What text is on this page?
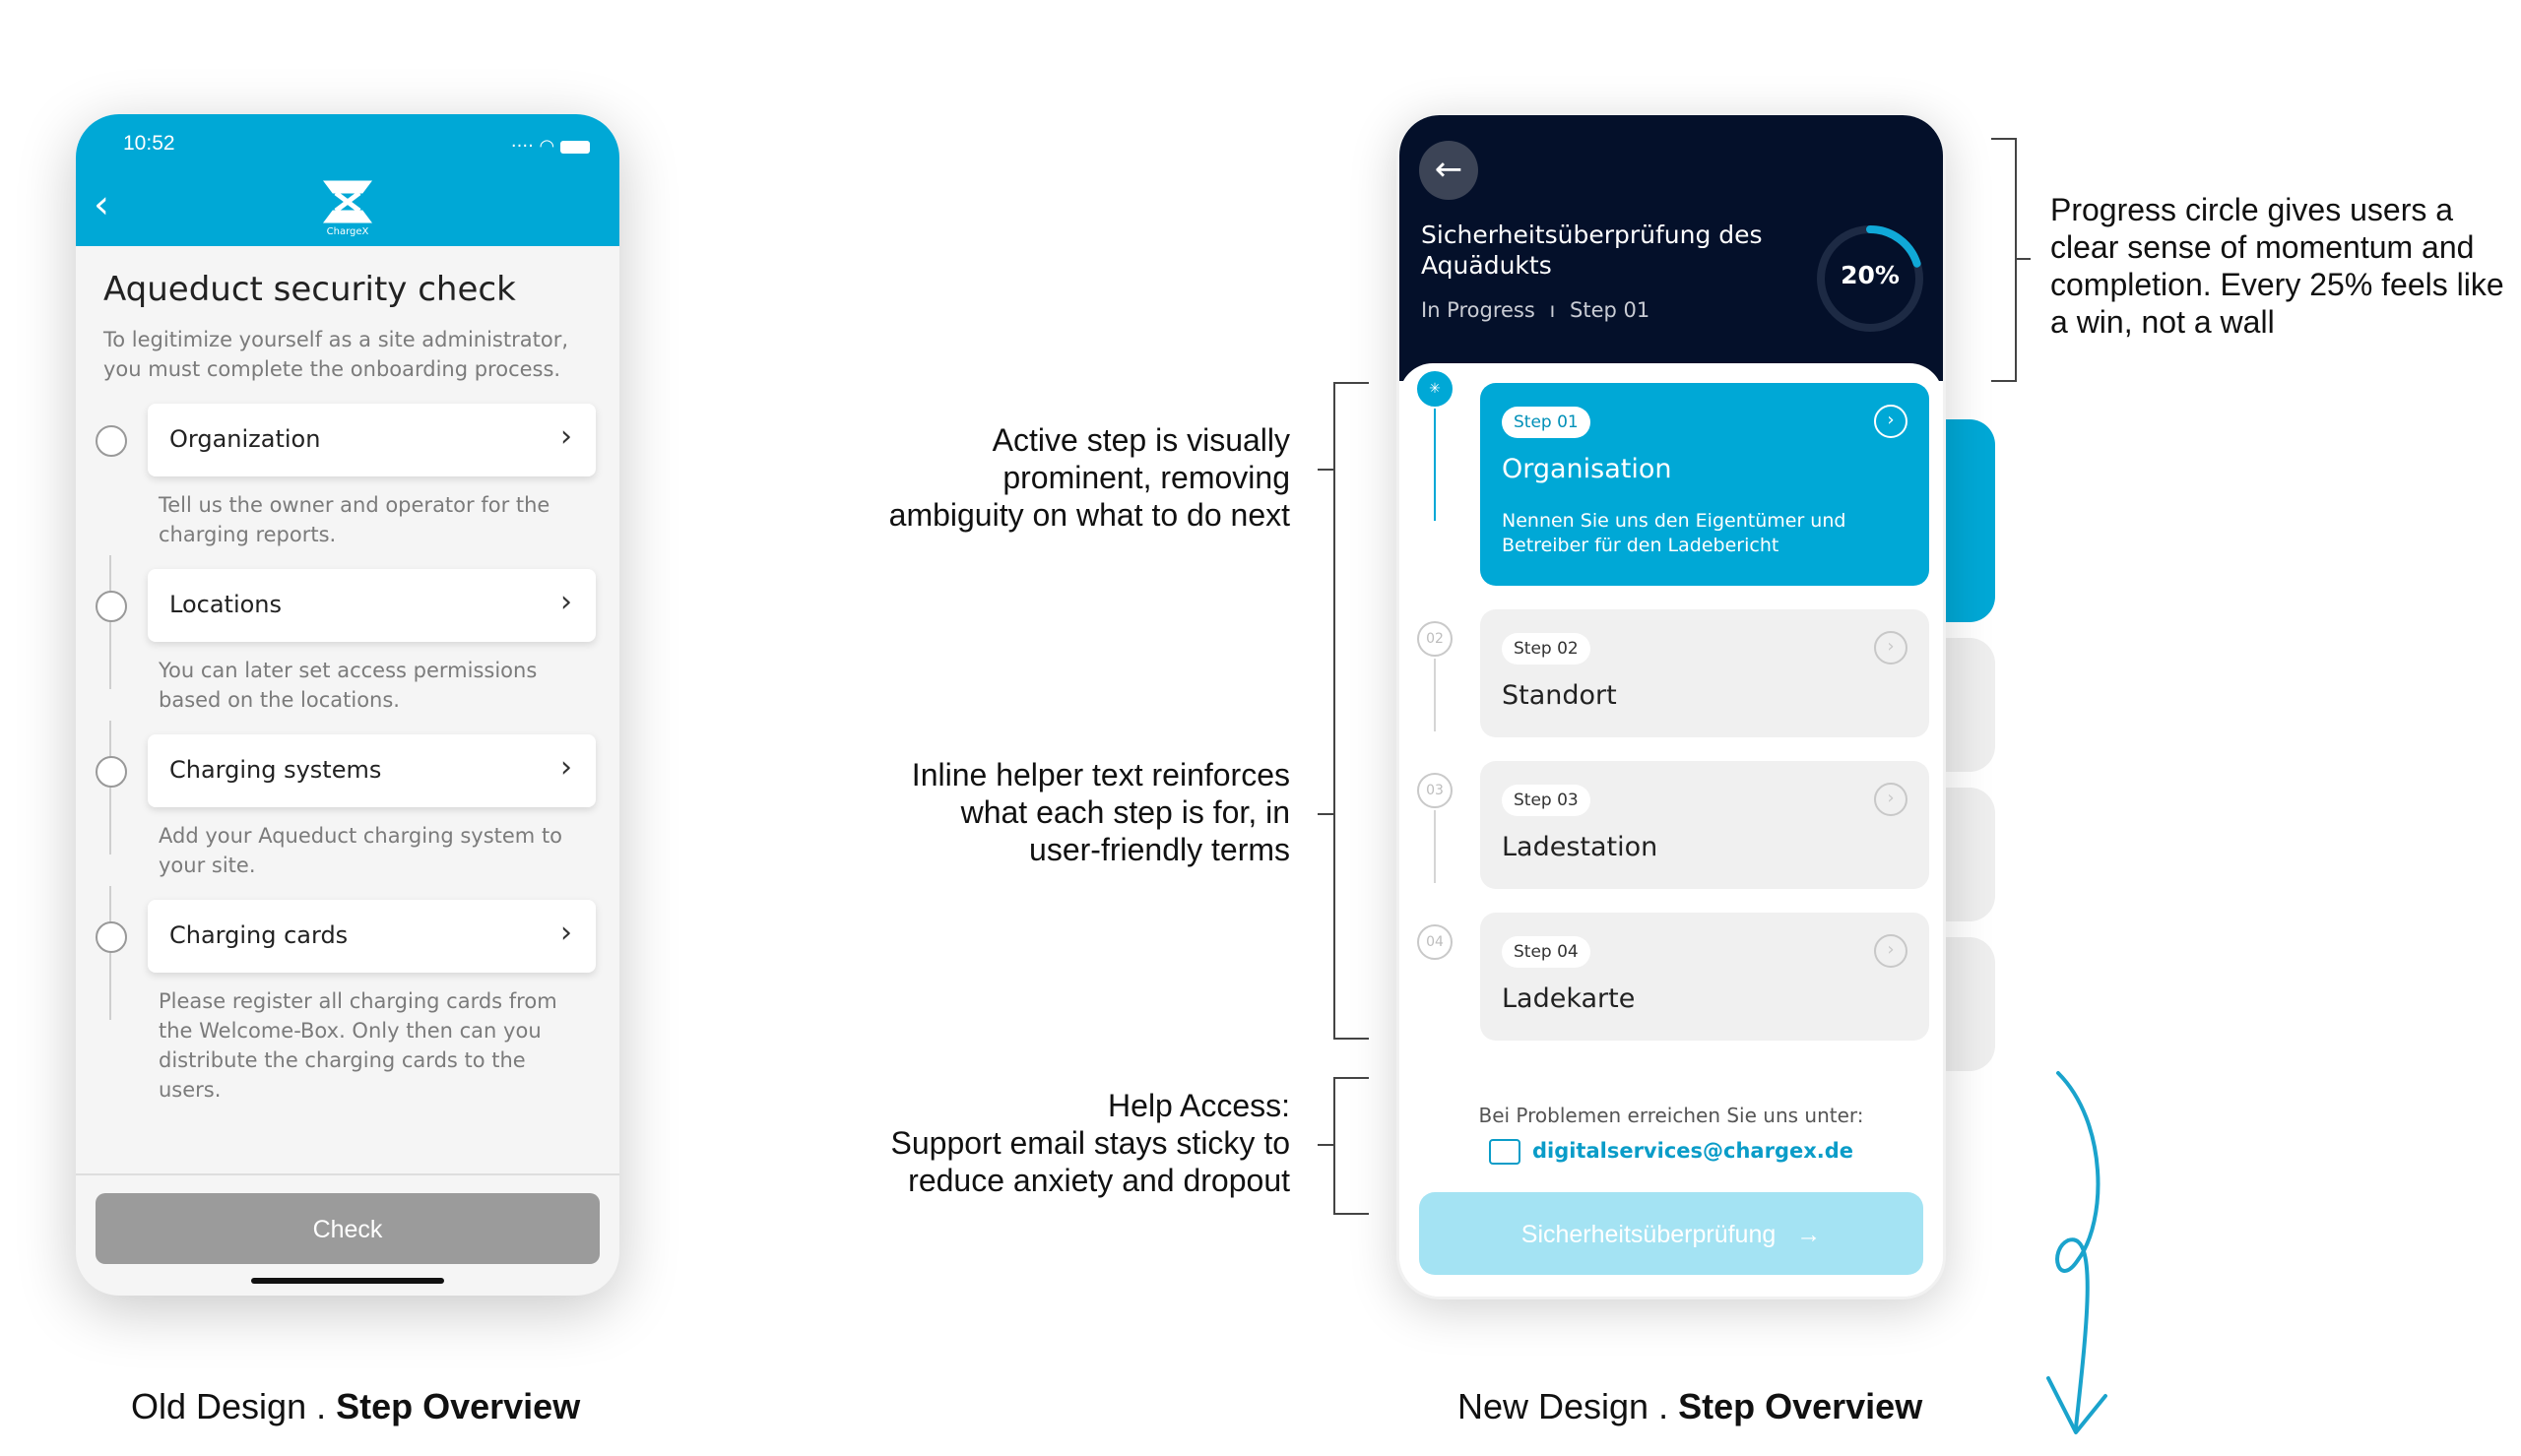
10:52	···· ◠
‹
ChargeX
Aqueduct security check
To legitimize yourself as a site administrator, you must complete the onboarding process.
Organization	›
Tell us the owner and operator for the charging reports.
Locations	›
You can later set access permissions based on the locations.
Charging systems	›
Add your Aqueduct charging system to your site.
Charging cards	›
Please register all charging cards from the Welcome-Box. Only then can you distribute the charging cards to the users.
Check
Old Design . Step Overview
←
Sicherheitsüberprüfung des Aquädukts
In Progress ı Step 01
20%
✳
02
03
04
Step 01	›
Organisation
Nennen Sie uns den Eigentümer und Betreiber für den Ladebericht
Step 02	›
Standort
Step 03	›
Ladestation
Step 04	›
Ladekarte
Bei Problemen erreichen Sie uns unter:
digitalservices@chargex.de
Sicherheitsüberprüfung →
New Design . Step Overview
Progress circle gives users a
clear sense of momentum and
completion. Every 25% feels like
a win, not a wall
Active step is visually
prominent, removing
ambiguity on what to do next
Inline helper text reinforces
what each step is for, in
user-friendly terms
Help Access:
Support email stays sticky to
reduce anxiety and dropout
